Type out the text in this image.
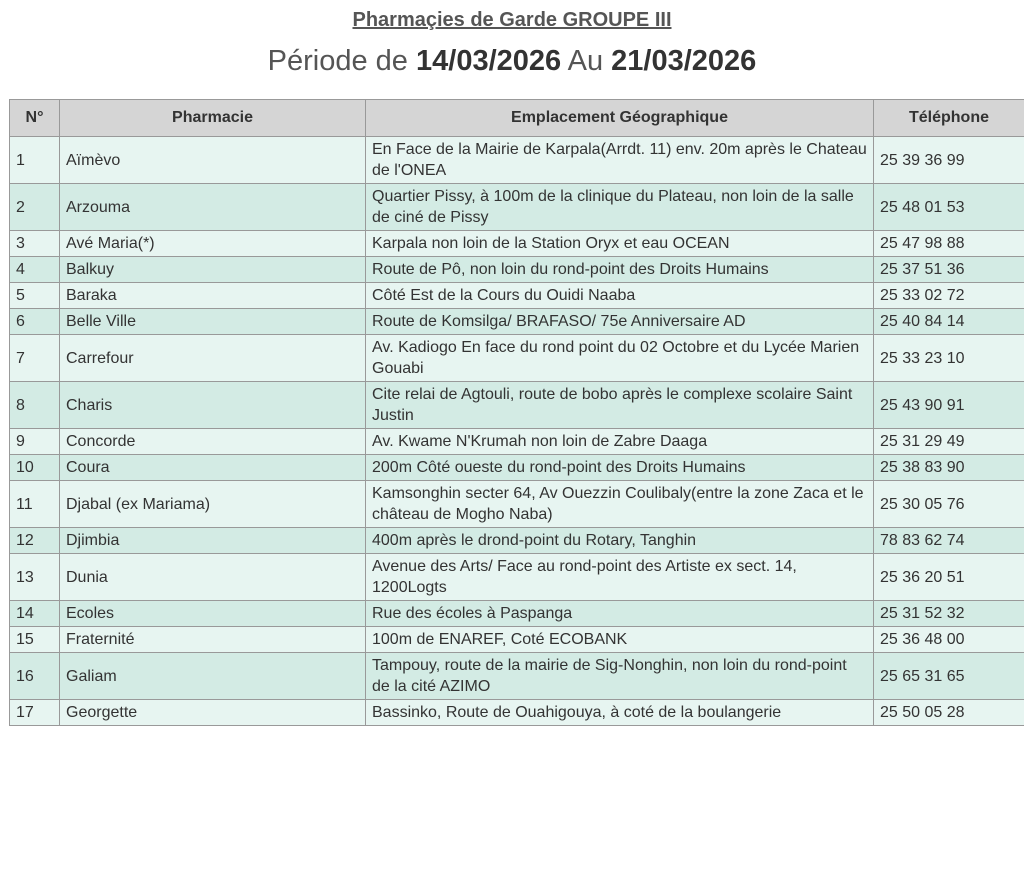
Pharmaçies de Garde GROUPE III
Période de 14/03/2026 Au 21/03/2026
N°	Pharmacie	Emplacement Géographique	Téléphone
1	Aïmèvo	En Face de la Mairie de Karpala(Arrdt. 11) env. 20m après le Chateau de l'ONEA	25 39 36 99
2	Arzouma	Quartier Pissy, à 100m de la clinique du Plateau, non loin de la salle de ciné de Pissy	25 48 01 53
3	Avé Maria(*)	Karpala non loin de la Station Oryx et eau OCEAN	25 47 98 88
4	Balkuy	Route de Pô, non loin du rond-point des Droits Humains	25 37 51 36
5	Baraka	Côté Est de la Cours du Ouidi Naaba	25 33 02 72
6	Belle Ville	Route de Komsilga/ BRAFASO/ 75e Anniversaire AD	25 40 84 14
7	Carrefour	Av. Kadiogo En face du rond point du 02 Octobre et du Lycée Marien Gouabi	25 33 23 10
8	Charis	Cite relai de Agtouli, route de bobo après le complexe scolaire Saint Justin	25 43 90 91
9	Concorde	Av. Kwame N'Krumah non loin de Zabre Daaga	25 31 29 49
10	Coura	200m Côté oueste du rond-point des Droits Humains	25 38 83 90
11	Djabal (ex Mariama)	Kamsonghin secter 64, Av Ouezzin Coulibaly(entre la zone Zaca et le château de Mogho Naba)	25 30 05 76
12	Djimbia	400m après le drond-point du Rotary, Tanghin	78 83 62 74
13	Dunia	Avenue des Arts/ Face au rond-point des Artiste ex sect. 14, 1200Logts	25 36 20 51
14	Ecoles	Rue des écoles à Paspanga	25 31 52 32
15	Fraternité	100m de ENAREF, Coté ECOBANK	25 36 48 00
16	Galiam	Tampouy, route de la mairie de Sig-Nonghin, non loin du rond-point de la cité AZIMO	25 65 31 65
17	Georgette	Bassinko, Route de Ouahigouya, à coté de la boulangerie	25 50 05 28
